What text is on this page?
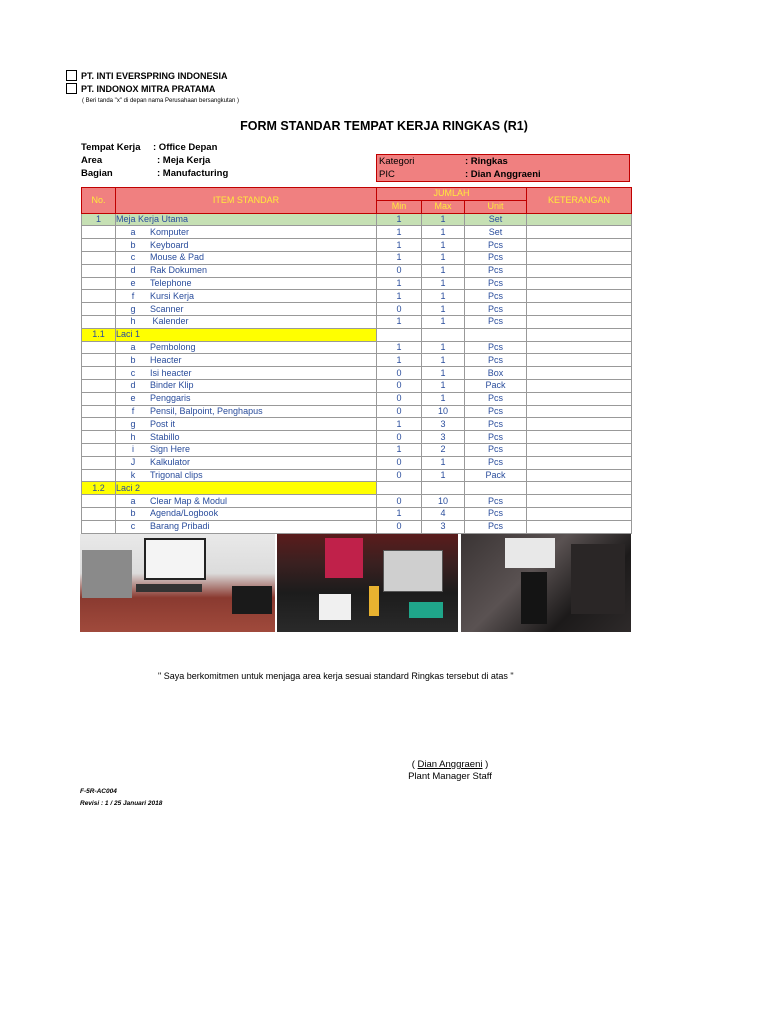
PT. INTI EVERSPRING INDONESIA
PT. INDONOX MITRA PRATAMA
( Beri tanda "x" di depan nama Perusahaan bersangkutan )
FORM STANDAR TEMPAT KERJA RINGKAS (R1)
Tempat Kerja : Office Depan
Area	: Meja Kerja
Bagian	: Manufacturing
Kategori	: Ringkas
PIC	: Dian Anggraeni
No.	ITEM STANDAR	JUMLAH			KETERANGAN
		Min	Max	Unit	
1	Meja Kerja Utama	1	1	Set	
	a Komputer	1	1	Set	
	b Keyboard	1	1	Pcs	
	c Mouse & Pad	1	1	Pcs	
	d Rak Dokumen	0	1	Pcs	
	e Telephone	1	1	Pcs	
	f Kursi Kerja	1	1	Pcs	
	g Scanner	0	1	Pcs	
	h Kalender	1	1	Pcs	
1.1	Laci 1				
	a Pembolong	1	1	Pcs	
	b Heacter	1	1	Pcs	
	c Isi heacter	0	1	Box	
	d Binder Klip	0	1	Pack	
	e Penggaris	0	1	Pcs	
	f Pensil, Balpoint, Penghapus	0	10	Pcs	
	g Post it	1	3	Pcs	
	h Stabillo	0	3	Pcs	
	i Sign Here	1	2	Pcs	
	J Kalkulator	0	1	Pcs	
	k Trigonal clips	0	1	Pack	
1.2	Laci 2				
	a Clear Map & Modul	0	10	Pcs	
	b Agenda/Logbook	1	4	Pcs	
	c Barang Pribadi	0	3	Pcs	
" Saya berkomitmen untuk menjaga area kerja sesuai standard Ringkas tersebut di atas "
( Dian Anggraeni )
Plant Manager Staff
F-5R-AC004
Revisi : 1 / 25 Januari 2018
